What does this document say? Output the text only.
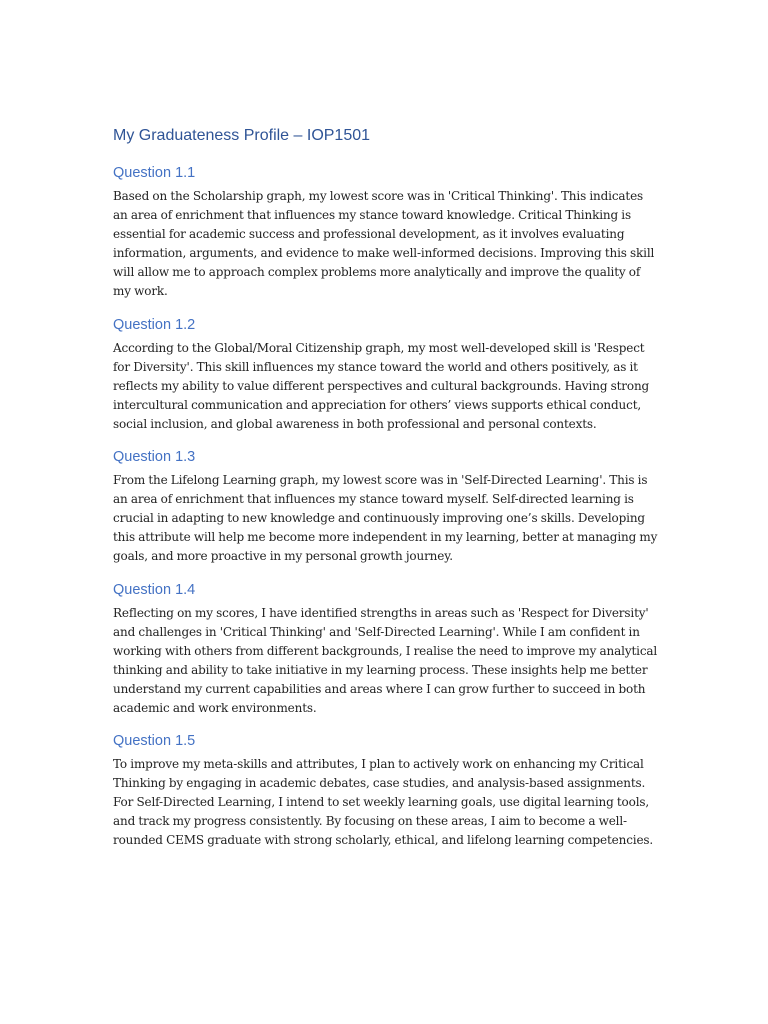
My Graduateness Profile – IOP1501
Question 1.1

Based on the Scholarship graph, my lowest score was in 'Critical Thinking'. This indicates an area of enrichment that influences my stance toward knowledge. Critical Thinking is essential for academic success and professional development, as it involves evaluating information, arguments, and evidence to make well-informed decisions. Improving this skill will allow me to approach complex problems more analytically and improve the quality of my work.

Question 1.2

According to the Global/Moral Citizenship graph, my most well-developed skill is 'Respect for Diversity'. This skill influences my stance toward the world and others positively, as it reflects my ability to value different perspectives and cultural backgrounds. Having strong intercultural communication and appreciation for others’ views supports ethical conduct, social inclusion, and global awareness in both professional and personal contexts.

Question 1.3

From the Lifelong Learning graph, my lowest score was in 'Self-Directed Learning'. This is an area of enrichment that influences my stance toward myself. Self-directed learning is crucial in adapting to new knowledge and continuously improving one’s skills. Developing this attribute will help me become more independent in my learning, better at managing my goals, and more proactive in my personal growth journey.

Question 1.4

Reflecting on my scores, I have identified strengths in areas such as 'Respect for Diversity' and challenges in 'Critical Thinking' and 'Self-Directed Learning'. While I am confident in working with others from different backgrounds, I realise the need to improve my analytical thinking and ability to take initiative in my learning process. These insights help me better understand my current capabilities and areas where I can grow further to succeed in both academic and work environments.

Question 1.5

To improve my meta-skills and attributes, I plan to actively work on enhancing my Critical Thinking by engaging in academic debates, case studies, and analysis-based assignments. For Self-Directed Learning, I intend to set weekly learning goals, use digital learning tools, and track my progress consistently. By focusing on these areas, I aim to become a well-rounded CEMS graduate with strong scholarly, ethical, and lifelong learning competencies.
